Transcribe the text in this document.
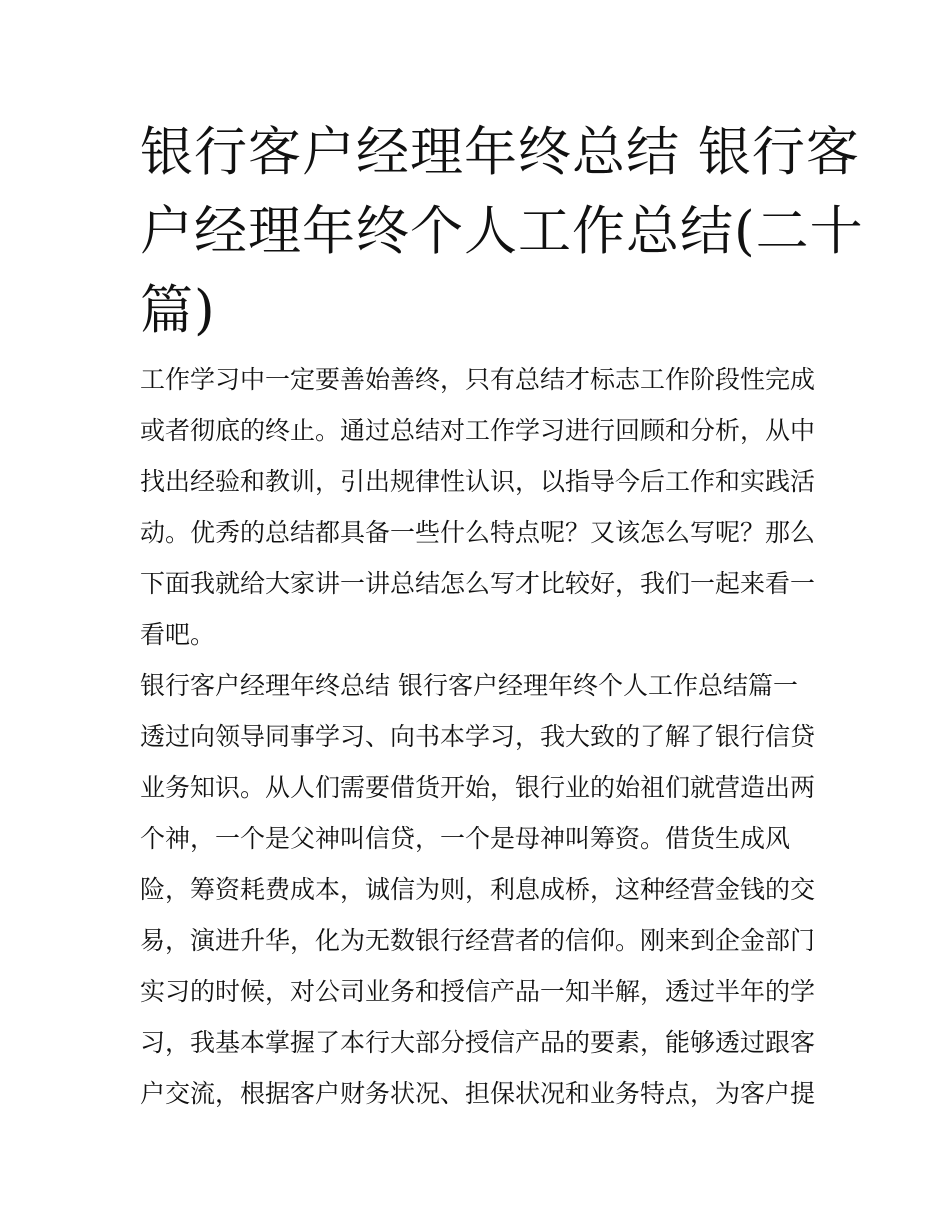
银行客户经理年终总结 银行客
户经理年终个人工作总结(二十
篇)
工作学习中一定要善始善终，只有总结才标志工作阶段性完成
或者彻底的终止。通过总结对工作学习进行回顾和分析，从中
找出经验和教训，引出规律性认识，以指导今后工作和实践活
动。优秀的总结都具备一些什么特点呢？又该怎么写呢？那么
下面我就给大家讲一讲总结怎么写才比较好，我们一起来看一
看吧。
银行客户经理年终总结 银行客户经理年终个人工作总结篇一
透过向领导同事学习、向书本学习，我大致的了解了银行信贷
业务知识。从人们需要借货开始，银行业的始祖们就营造出两
个神，一个是父神叫信贷，一个是母神叫筹资。借货生成风
险，筹资耗费成本，诚信为则，利息成桥，这种经营金钱的交
易，演进升华，化为无数银行经营者的信仰。刚来到企金部门
实习的时候，对公司业务和授信产品一知半解，透过半年的学
习，我基本掌握了本行大部分授信产品的要素，能够透过跟客
户交流，根据客户财务状况、担保状况和业务特点，为客户提
